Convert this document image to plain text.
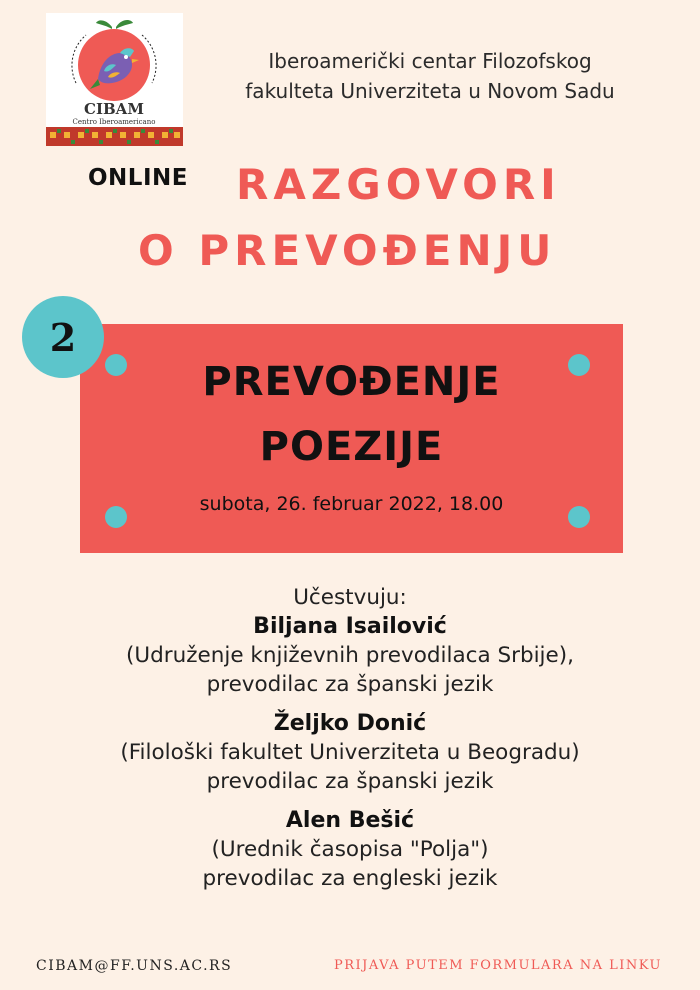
CIBAM
Centro Iberoamericano
Iberoamerički centar Filozofskog
fakulteta Univerziteta u Novom Sadu
ONLINE RAZGOVORI
O PREVOĐENJU
PREVOĐENJE
POEZIJE
subota, 26. februar 2022, 18.00
2
Učestvuju:
Biljana Isailović
(Udruženje književnih prevodilaca Srbije),
prevodilac za španski jezik
Željko Donić
(Filološki fakultet Univerziteta u Beogradu)
prevodilac za španski jezik
Alen Bešić
(Urednik časopisa "Polja")
prevodilac za engleski jezik
CIBAM@FF.UNS.AC.RS	PRIJAVA PUTEM FORMULARA NA LINKU
